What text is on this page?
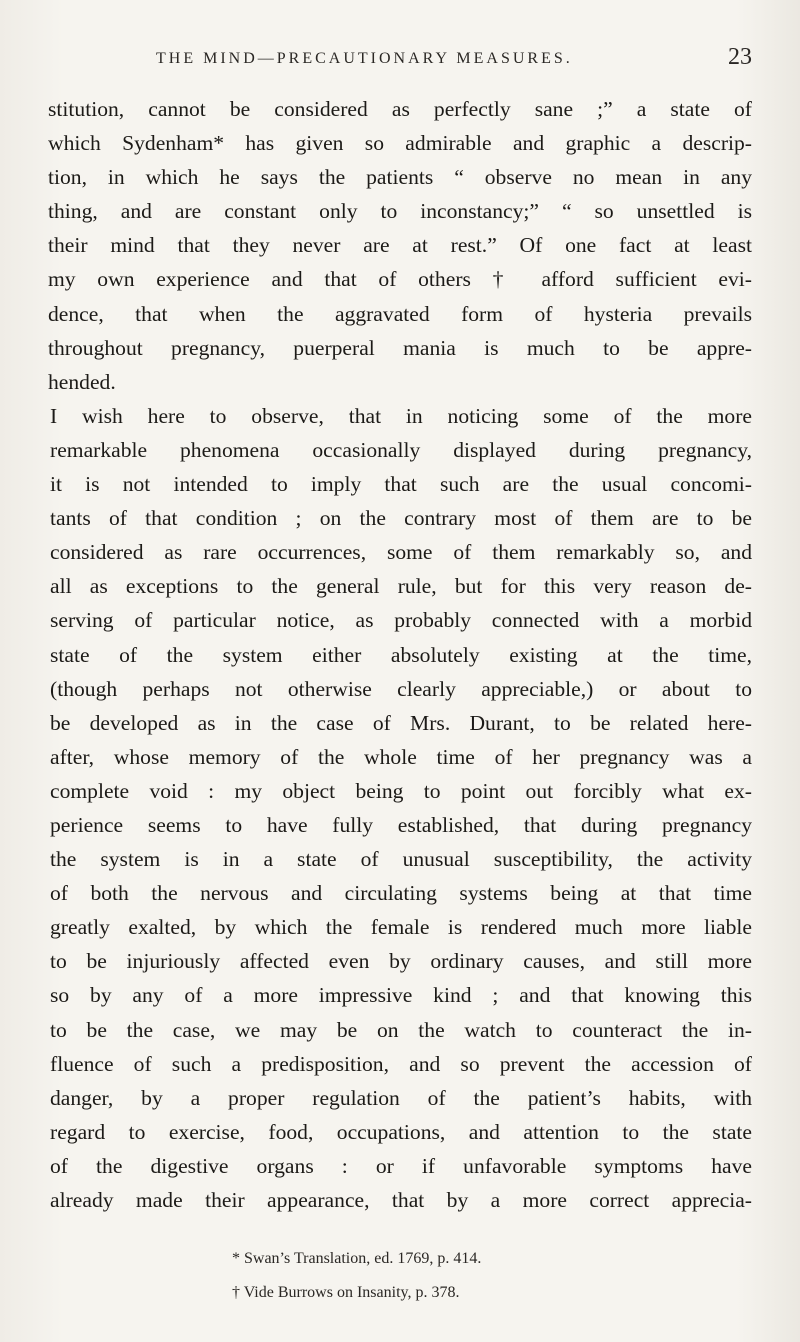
THE MIND—PRECAUTIONARY MEASURES.	23
stitution, cannot be considered as perfectly sane ;” a state of
which Sydenham* has given so admirable and graphic a descrip-
tion, in which he says the patients “ observe no mean in any
thing, and are constant only to inconstancy;” “ so unsettled is
their mind that they never are at rest.” Of one fact at least
my own experience and that of others † afford sufficient evi-
dence, that when the aggravated form of hysteria prevails
throughout pregnancy, puerperal mania is much to be appre-
hended.
I wish here to observe, that in noticing some of the more
remarkable phenomena occasionally displayed during pregnancy,
it is not intended to imply that such are the usual concomi-
tants of that condition ; on the contrary most of them are to be
considered as rare occurrences, some of them remarkably so, and
all as exceptions to the general rule, but for this very reason de-
serving of particular notice, as probably connected with a morbid
state of the system either absolutely existing at the time,
(though perhaps not otherwise clearly appreciable,) or about to
be developed as in the case of Mrs. Durant, to be related here-
after, whose memory of the whole time of her pregnancy was a
complete void : my object being to point out forcibly what ex-
perience seems to have fully established, that during pregnancy
the system is in a state of unusual susceptibility, the activity
of both the nervous and circulating systems being at that time
greatly exalted, by which the female is rendered much more liable
to be injuriously affected even by ordinary causes, and still more
so by any of a more impressive kind ; and that knowing this
to be the case, we may be on the watch to counteract the in-
fluence of such a predisposition, and so prevent the accession of
danger, by a proper regulation of the patient’s habits, with
regard to exercise, food, occupations, and attention to the state
of the digestive organs : or if unfavorable symptoms have
already made their appearance, that by a more correct apprecia-
* Swan’s Translation, ed. 1769, p. 414.
† Vide Burrows on Insanity, p. 378.
